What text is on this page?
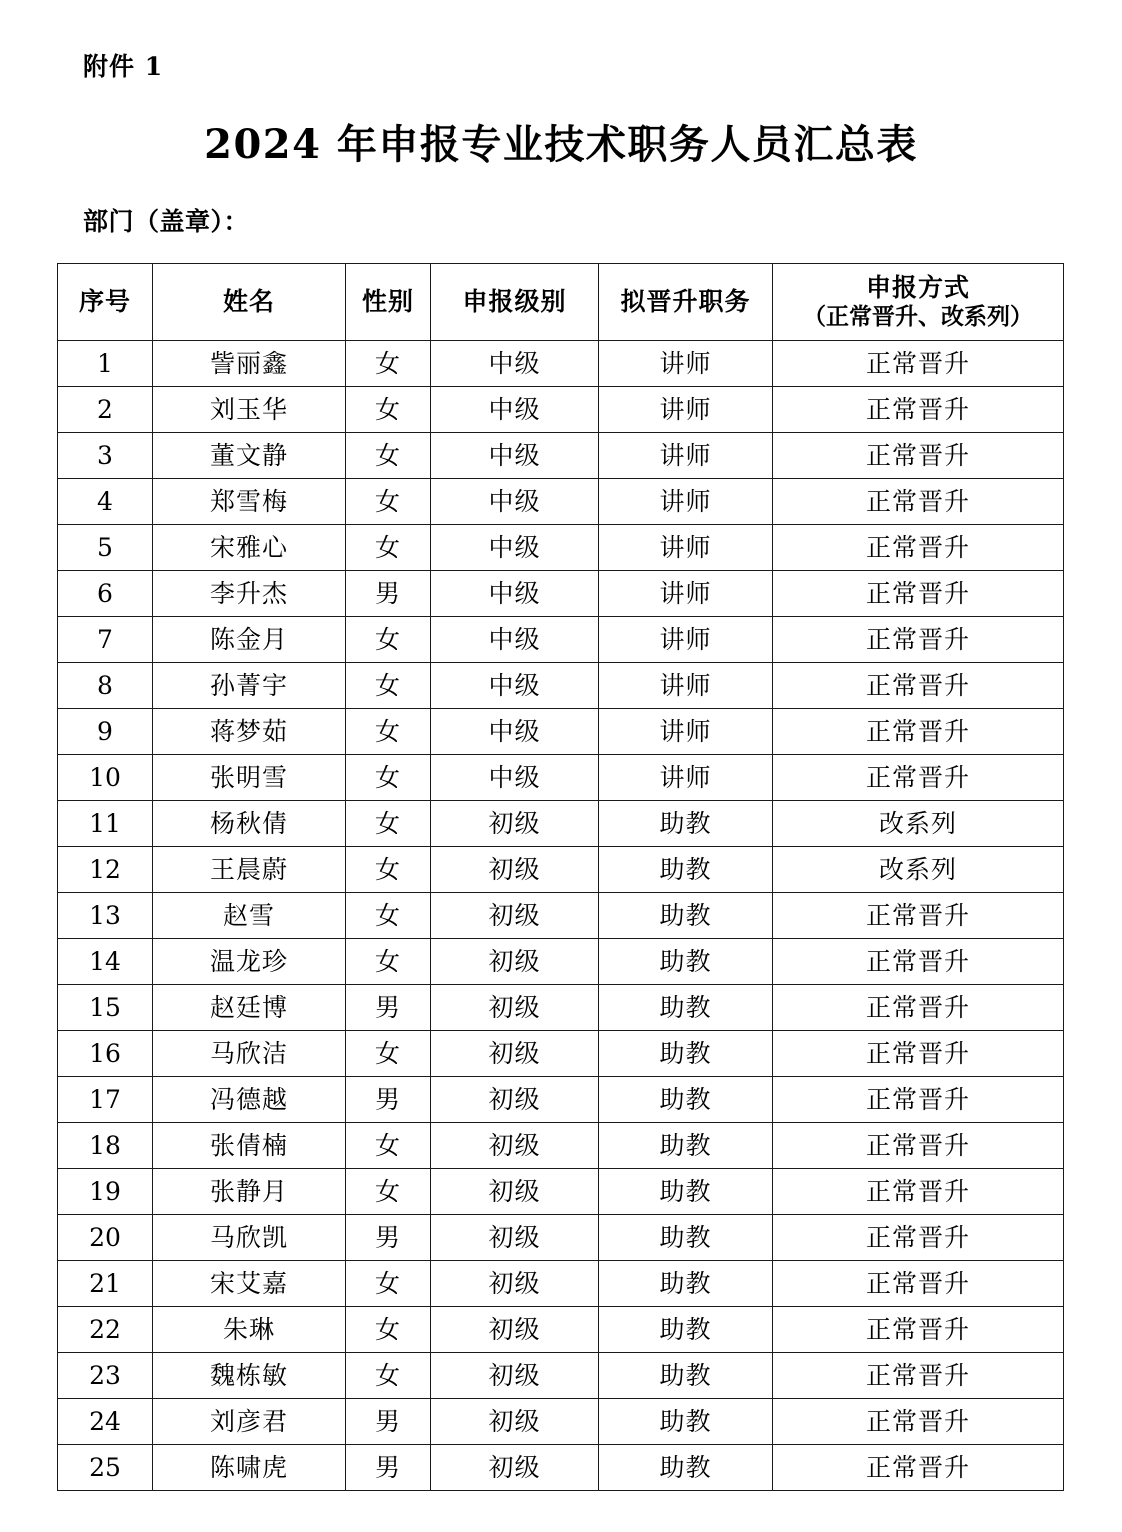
附件 1
2024 年申报专业技术职务人员汇总表
部门（盖章）：
序号	姓名	性别	申报级别	拟晋升职务	申报方式
（正常晋升、改系列）

1	訾丽鑫	女	中级	讲师	正常晋升
2	刘玉华	女	中级	讲师	正常晋升
3	董文静	女	中级	讲师	正常晋升
4	郑雪梅	女	中级	讲师	正常晋升
5	宋雅心	女	中级	讲师	正常晋升
6	李升杰	男	中级	讲师	正常晋升
7	陈金月	女	中级	讲师	正常晋升
8	孙菁宇	女	中级	讲师	正常晋升
9	蒋梦茹	女	中级	讲师	正常晋升
10	张明雪	女	中级	讲师	正常晋升
11	杨秋倩	女	初级	助教	改系列
12	王晨蔚	女	初级	助教	改系列
13	赵雪	女	初级	助教	正常晋升
14	温龙珍	女	初级	助教	正常晋升
15	赵廷博	男	初级	助教	正常晋升
16	马欣洁	女	初级	助教	正常晋升
17	冯德越	男	初级	助教	正常晋升
18	张倩楠	女	初级	助教	正常晋升
19	张静月	女	初级	助教	正常晋升
20	马欣凯	男	初级	助教	正常晋升
21	宋艾嘉	女	初级	助教	正常晋升
22	朱琳	女	初级	助教	正常晋升
23	魏栋敏	女	初级	助教	正常晋升
24	刘彦君	男	初级	助教	正常晋升
25	陈啸虎	男	初级	助教	正常晋升
